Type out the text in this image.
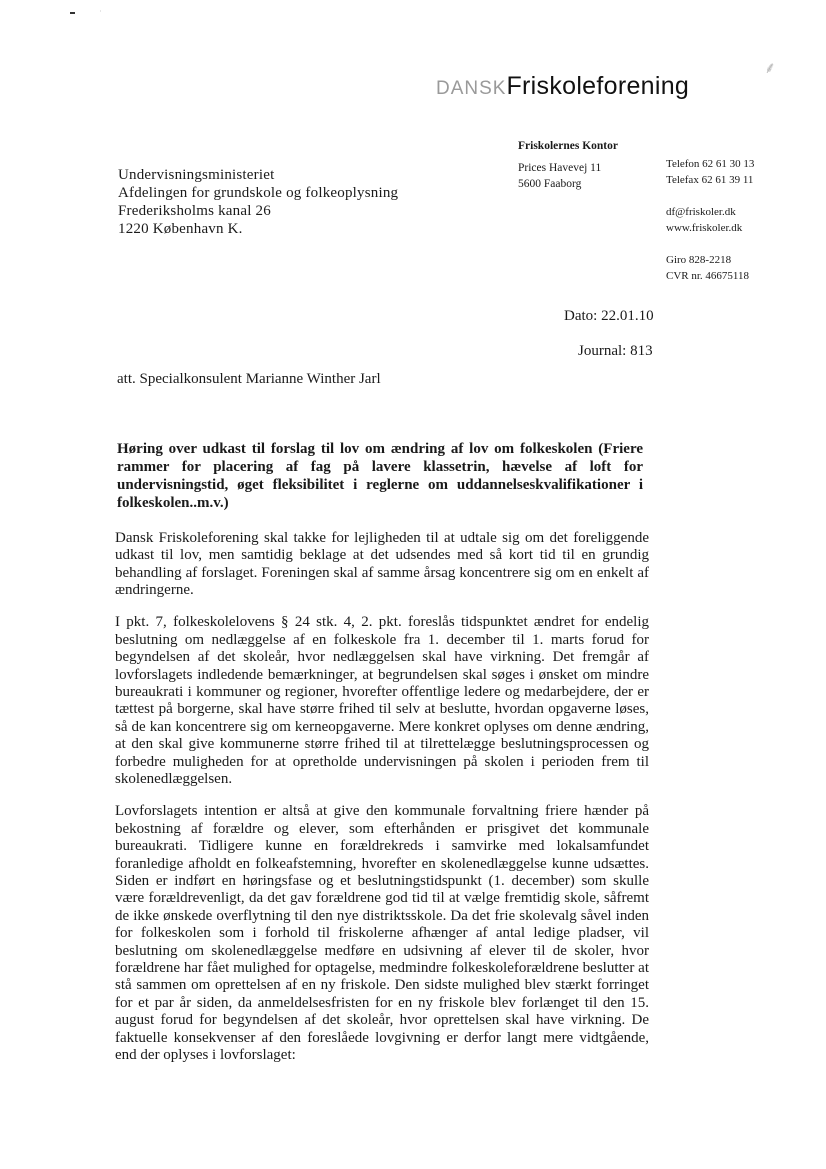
˙
DANSKFriskoleforening
⸙
Friskolernes Kontor
Prices Havevej 11
5600 Faaborg
Telefon 62 61 30 13
Telefax 62 61 39 11
df@friskoler.dk
www.friskoler.dk
Giro 828-2218
CVR nr. 46675118
Undervisningsministeriet
Afdelingen for grundskole og folkeoplysning
Frederiksholms kanal 26
1220 København K.
Dato: 22.01.10
Journal: 813
att. Specialkonsulent Marianne Winther Jarl
Høring over udkast til forslag til lov om ændring af lov om folkeskolen (Friere rammer for placering af fag på lavere klassetrin, hævelse af loft for undervisningstid, øget fleksibilitet i reglerne om uddannelseskvalifikationer i folkeskolen..m.v.)

Dansk Friskoleforening skal takke for lejligheden til at udtale sig om det foreliggende udkast til lov, men samtidig beklage at det udsendes med så kort tid til en grundig behandling af forslaget. Foreningen skal af samme årsag koncentrere sig om en enkelt af ændringerne.

I pkt. 7, folkeskolelovens § 24 stk. 4, 2. pkt. foreslås tidspunktet ændret for endelig beslutning om nedlæggelse af en folkeskole fra 1. december til 1. marts forud for begyndelsen af det skoleår, hvor nedlæggelsen skal have virkning. Det fremgår af lovforslagets indledende bemærkninger, at begrundelsen skal søges i ønsket om mindre bureaukrati i kommuner og regioner, hvorefter offentlige ledere og medarbejdere, der er tættest på borgerne, skal have større frihed til selv at beslutte, hvordan opgaverne løses, så de kan koncentrere sig om kerneopgaverne. Mere konkret oplyses om denne ændring, at den skal give kommunerne større frihed til at tilrettelægge beslutningsprocessen og forbedre muligheden for at opretholde undervisningen på skolen i perioden frem til skolenedlæggelsen.

Lovforslagets intention er altså at give den kommunale forvaltning friere hænder på bekostning af forældre og elever, som efterhånden er prisgivet det kommunale bureaukrati. Tidligere kunne en forældrekreds i samvirke med lokalsamfundet foranledige afholdt en folkeafstemning, hvorefter en skolenedlæggelse kunne udsættes. Siden er indført en høringsfase og et beslutningstidspunkt (1. december) som skulle være forældrevenligt, da det gav forældrene god tid til at vælge fremtidig skole, såfremt de ikke ønskede overflytning til den nye distriktsskole. Da det frie skolevalg såvel inden for folkeskolen som i forhold til friskolerne afhænger af antal ledige pladser, vil beslutning om skolenedlæggelse medføre en udsivning af elever til de skoler, hvor forældrene har fået mulighed for optagelse, medmindre folkeskoleforældrene beslutter at stå sammen om oprettelsen af en ny friskole. Den sidste mulighed blev stærkt forringet for et par år siden, da anmeldelsesfristen for en ny friskole blev forlænget til den 15. august forud for begyndelsen af det skoleår, hvor oprettelsen skal have virkning. De faktuelle konsekvenser af den foreslåede lovgivning er derfor langt mere vidtgående, end der oplyses i lovforslaget:
